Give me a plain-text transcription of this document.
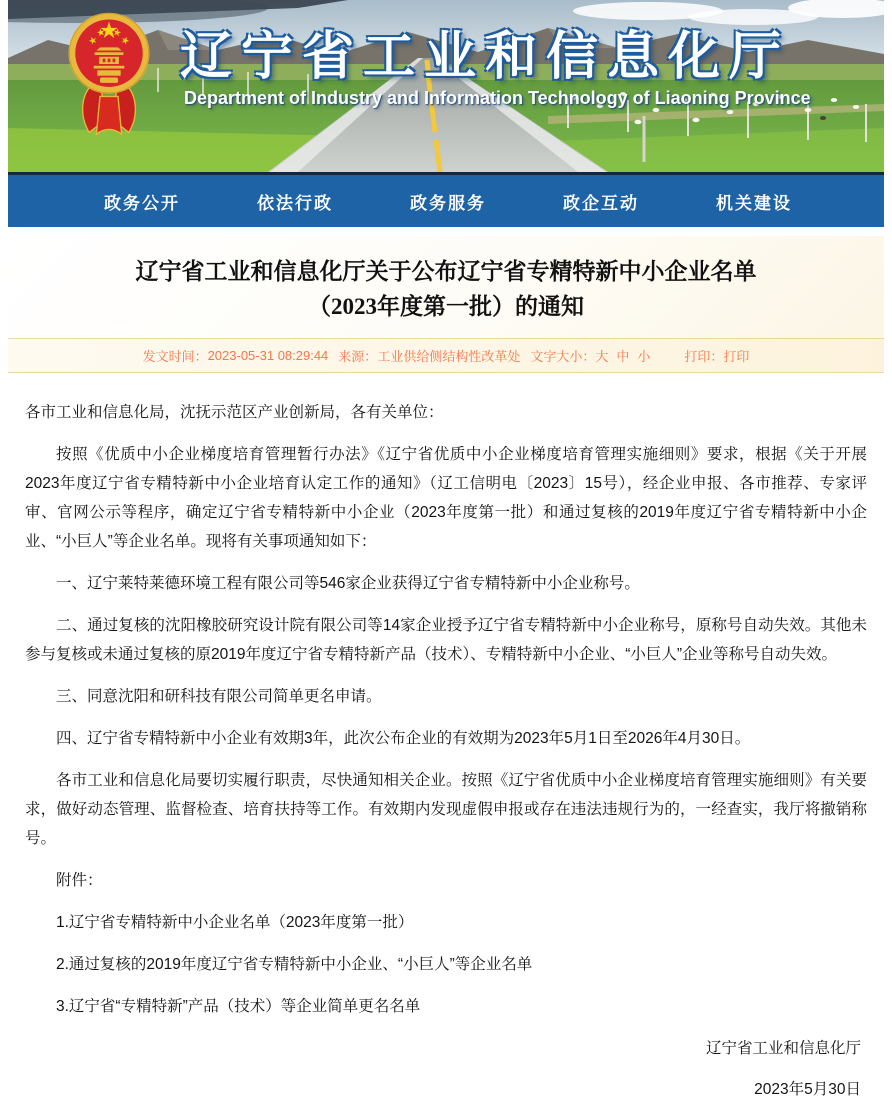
辽宁省工业和信息化厅
Department of Industry and Information Technology of Liaoning Province
政务公开	依法行政	政务服务	政企互动	机关建设
辽宁省工业和信息化厅关于公布辽宁省专精特新中小企业名单
（2023年度第一批）的通知
发文时间： 2023-05-31 08:29:44 来源： 工业供给侧结构性改革处 文字大小： 大 中 小	打印： 打印

各市工业和信息化局，沈抚示范区产业创新局，各有关单位：

按照《优质中小企业梯度培育管理暂行办法》《辽宁省优质中小企业梯度培育管理实施细则》要求，根据《关于开展2023年度辽宁省专精特新中小企业培育认定工作的通知》（辽工信明电〔2023〕15号），经企业申报、各市推荐、专家评审、官网公示等程序，确定辽宁省专精特新中小企业（2023年度第一批）和通过复核的2019年度辽宁省专精特新中小企业、“小巨人”等企业名单。现将有关事项通知如下：

一、辽宁莱特莱德环境工程有限公司等546家企业获得辽宁省专精特新中小企业称号。

二、通过复核的沈阳橡胶研究设计院有限公司等14家企业授予辽宁省专精特新中小企业称号，原称号自动失效。其他未参与复核或未通过复核的原2019年度辽宁省专精特新产品（技术）、专精特新中小企业、“小巨人”企业等称号自动失效。

三、同意沈阳和研科技有限公司简单更名申请。

四、辽宁省专精特新中小企业有效期3年，此次公布企业的有效期为2023年5月1日至2026年4月30日。

各市工业和信息化局要切实履行职责，尽快通知相关企业。按照《辽宁省优质中小企业梯度培育管理实施细则》有关要求，做好动态管理、监督检查、培育扶持等工作。有效期内发现虚假申报或存在违法违规行为的，一经查实，我厅将撤销称号。

附件：

1.辽宁省专精特新中小企业名单（2023年度第一批）

2.通过复核的2019年度辽宁省专精特新中小企业、“小巨人”等企业名单

3.辽宁省“专精特新”产品（技术）等企业简单更名名单

辽宁省工业和信息化厅
2023年5月30日
